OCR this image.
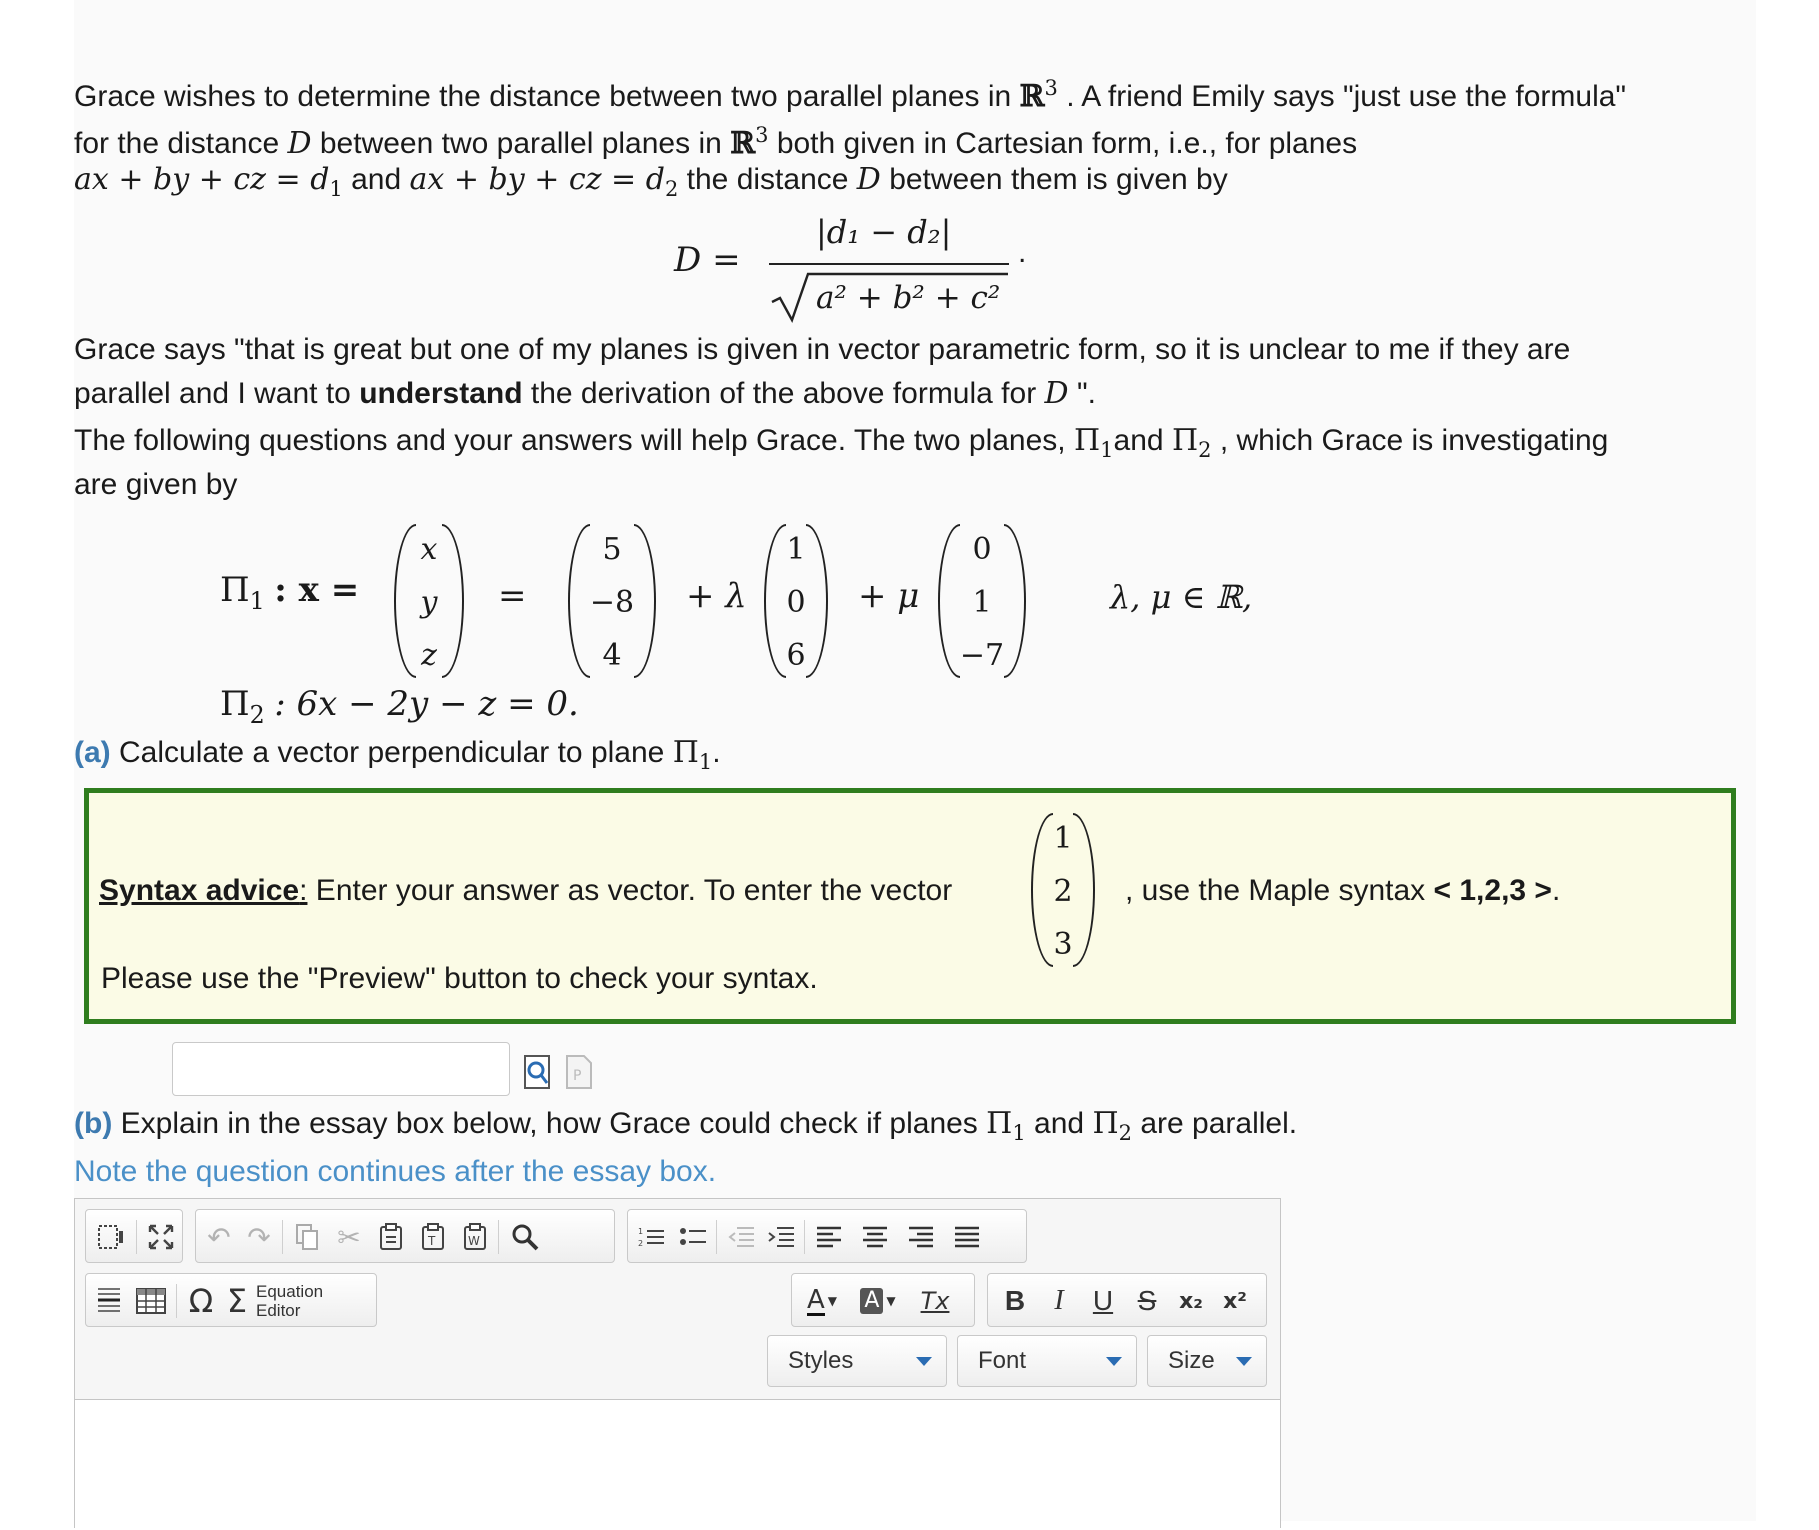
Grace wishes to determine the distance between two parallel planes in ℝ$^3$ . A friend Emily says "just use the formula"
for the distance D between two parallel planes in ℝ$^3$ both given in Cartesian form, i.e., for planes
ax + by + cz = $d_1$ and ax + by + cz = $d_2$ the distance D between them is given by
D =
|d₁ − d₂|
a² + b² + c²
.
Grace says "that is great but one of my planes is given in vector parametric form, so it is unclear to me if they are
parallel and I want to understand the derivation of the above formula for D ".
The following questions and your answers will help Grace. The two planes, $\Pi_1and$ $\Pi_2$ , which Grace is investigating
are given by
$\Pi_1$ : x =
x
y
z
=
5
−8
4
+ λ
1
0
6
+ μ
0
1
−7
λ, μ ∈ ℝ,
$\Pi_2$ : 6x − 2y − z = 0.
(a) Calculate a vector perpendicular to plane $\Pi_1$.
Syntax advice: Enter your answer as vector. To enter the vector
1
2
3
, use the Maple syntax < 1,2,3 >.
Please use the "Preview" button to check your syntax.
P
(b) Explain in the essay box below, how Grace could check if planes $\Pi_1$ and $\Pi_2$ are parallel.
Note the question continues after the essay box.
↶ ↷ ✂	T	W
1
2
Ω Σ Equation
Editor	A ▼ A ▼ Tx B I U S x₂ x²
Styles	Font	Size
